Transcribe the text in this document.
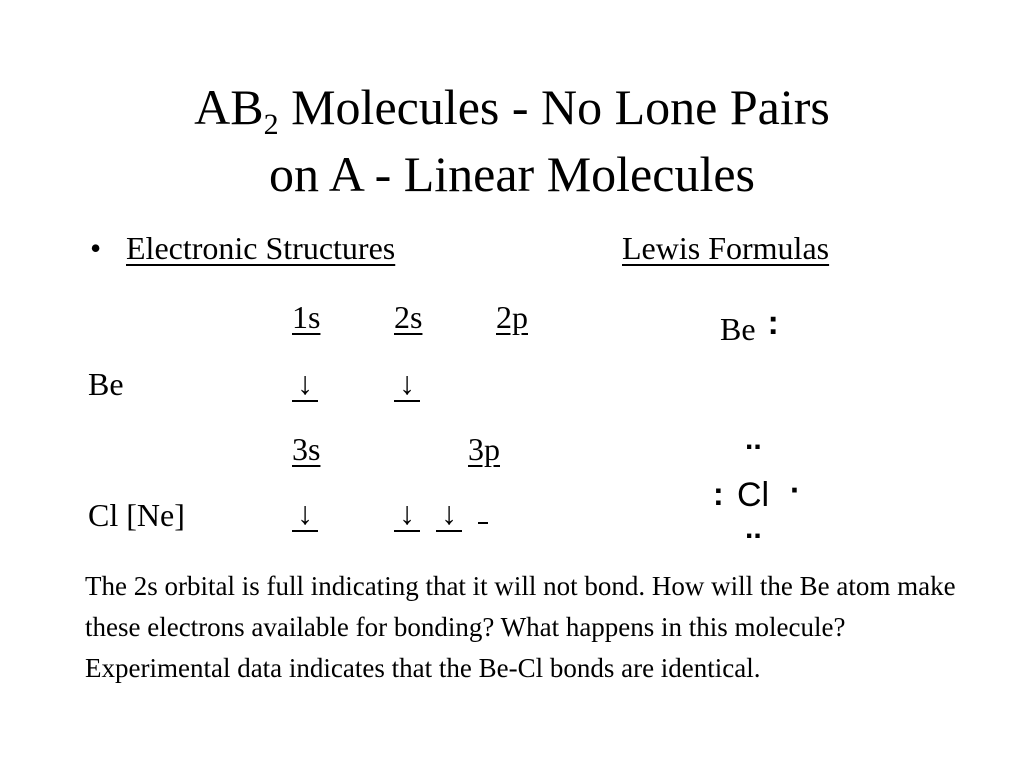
$AB_2$ Molecules - No Lone Pairs
on A - Linear Molecules
• Electronic Structures	Lewis Formulas
1s 2s 2p
Be	↓	↓
3s	3p
Cl [Ne]	↓	↓ ↓
Be :
..
: Cl ·
..
The 2s orbital is full indicating that it will not bond. How will the Be atom make these electrons available for bonding? What happens in this molecule? Experimental data indicates that the Be-Cl bonds are identical.
